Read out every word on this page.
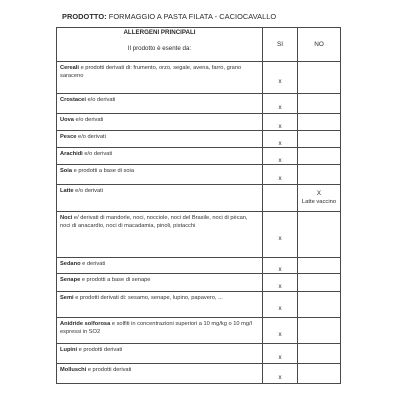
PRODOTTO: FORMAGGIO A PASTA FILATA - CACIOCAVALLO
ALLERGENI PRINCIPALI
Il prodotto è esente da:	SI	NO
Cereali e prodotti derivati di: frumento, orzo, segale, avena, farro, grano saraceno	x	
Crostacei e/o derivati	x	
Uova e/o derivati	x	
Pesce e/o derivati	x	
Arachidi e/o derivati	x	
Soia e prodotti a base di soia	x	
Latte e/o derivati		X
Latte vaccino

Noci e/ derivati di mandorle, noci, nocciole, noci del Brasile, noci di pècan, noci di anacardio, noci di macadamia, pinoli, pistacchi	x	
Sedano e derivati	x	
Senape e prodotti a base di senape	x	
Semi e prodotti derivati di: sesamo, senape, lupino, papavero, ...	x	
Anidride solforosa e solfiti in concentrazioni superiori a 10 mg/kg o 10 mg/l espressi in SO2	x	
Lupini e prodotti derivati	x	
Molluschi e prodotti derivati	x	
